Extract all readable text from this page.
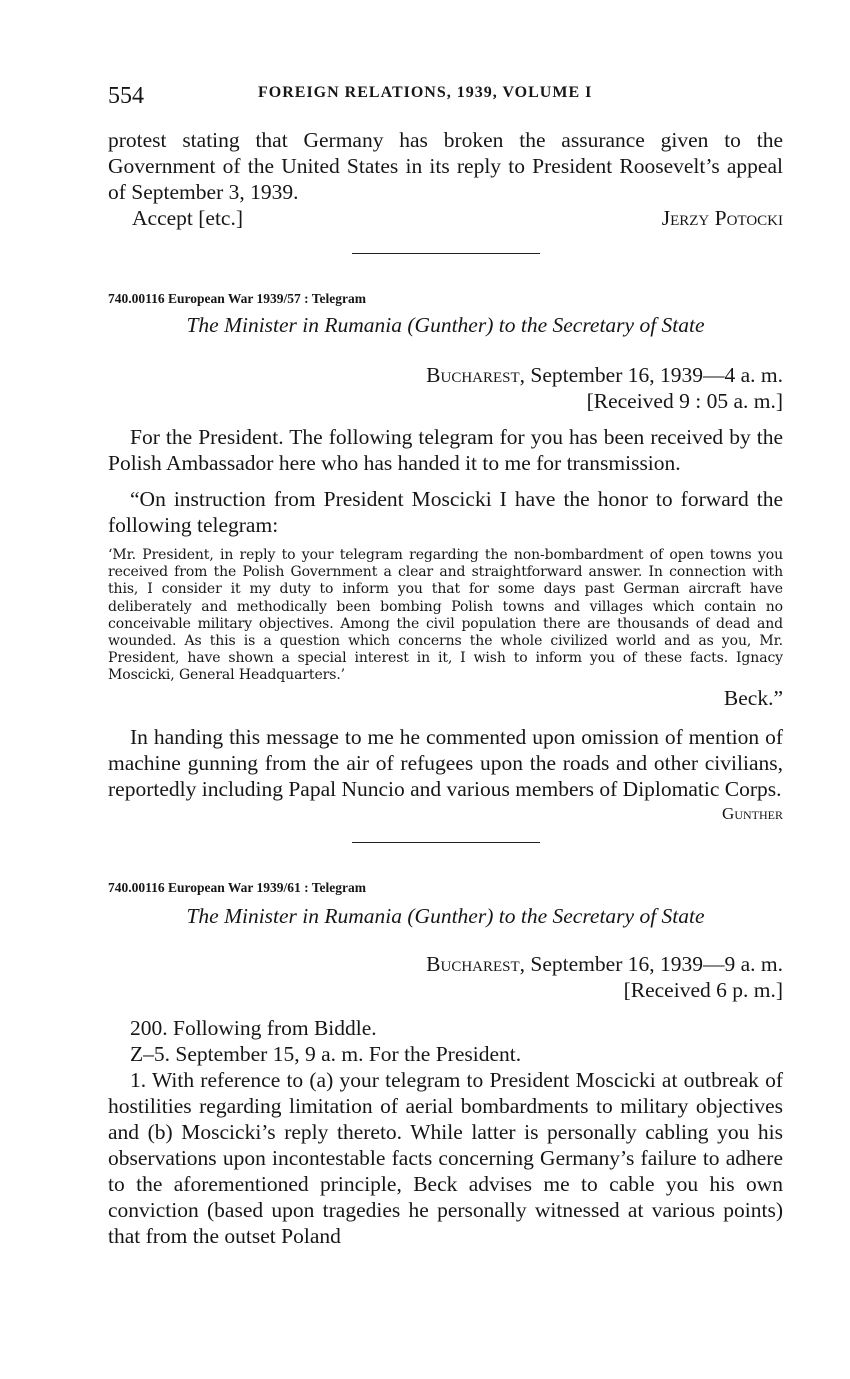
554	FOREIGN RELATIONS, 1939, VOLUME I

protest stating that Germany has broken the assurance given to the Government of the United States in its reply to President Roosevelt’s appeal of September 3, 1939.

Accept [etc.]	Jerzy Potocki
740.00116 European War 1939/57 : Telegram
The Minister in Rumania (Gunther) to the Secretary of State
Bucharest, September 16, 1939—4 a. m.
[Received 9 : 05 a. m.]

For the President. The following telegram for you has been received by the Polish Ambassador here who has handed it to me for transmission.

“On instruction from President Moscicki I have the honor to forward the following telegram:

‘Mr. President, in reply to your telegram regarding the non-bombardment of open towns you received from the Polish Government a clear and straightforward answer. In connection with this, I consider it my duty to inform you that for some days past German aircraft have deliberately and methodically been bombing Polish towns and villages which contain no conceivable military objectives. Among the civil population there are thousands of dead and wounded. As this is a question which concerns the whole civilized world and as you, Mr. President, have shown a special interest in it, I wish to inform you of these facts. Ignacy Moscicki, General Headquarters.’

Beck.”

In handing this message to me he commented upon omission of mention of machine gunning from the air of refugees upon the roads and other civilians, reportedly including Papal Nuncio and various members of Diplomatic Corps.

Gunther
740.00116 European War 1939/61 : Telegram
The Minister in Rumania (Gunther) to the Secretary of State
Bucharest, September 16, 1939—9 a. m.
[Received 6 p. m.]

200. Following from Biddle.

Z–5. September 15, 9 a. m. For the President.

1. With reference to (a) your telegram to President Moscicki at outbreak of hostilities regarding limitation of aerial bombardments to military objectives and (b) Moscicki’s reply thereto. While latter is personally cabling you his observations upon incontestable facts concerning Germany’s failure to adhere to the aforementioned principle, Beck advises me to cable you his own conviction (based upon tragedies he personally witnessed at various points) that from the outset Poland
